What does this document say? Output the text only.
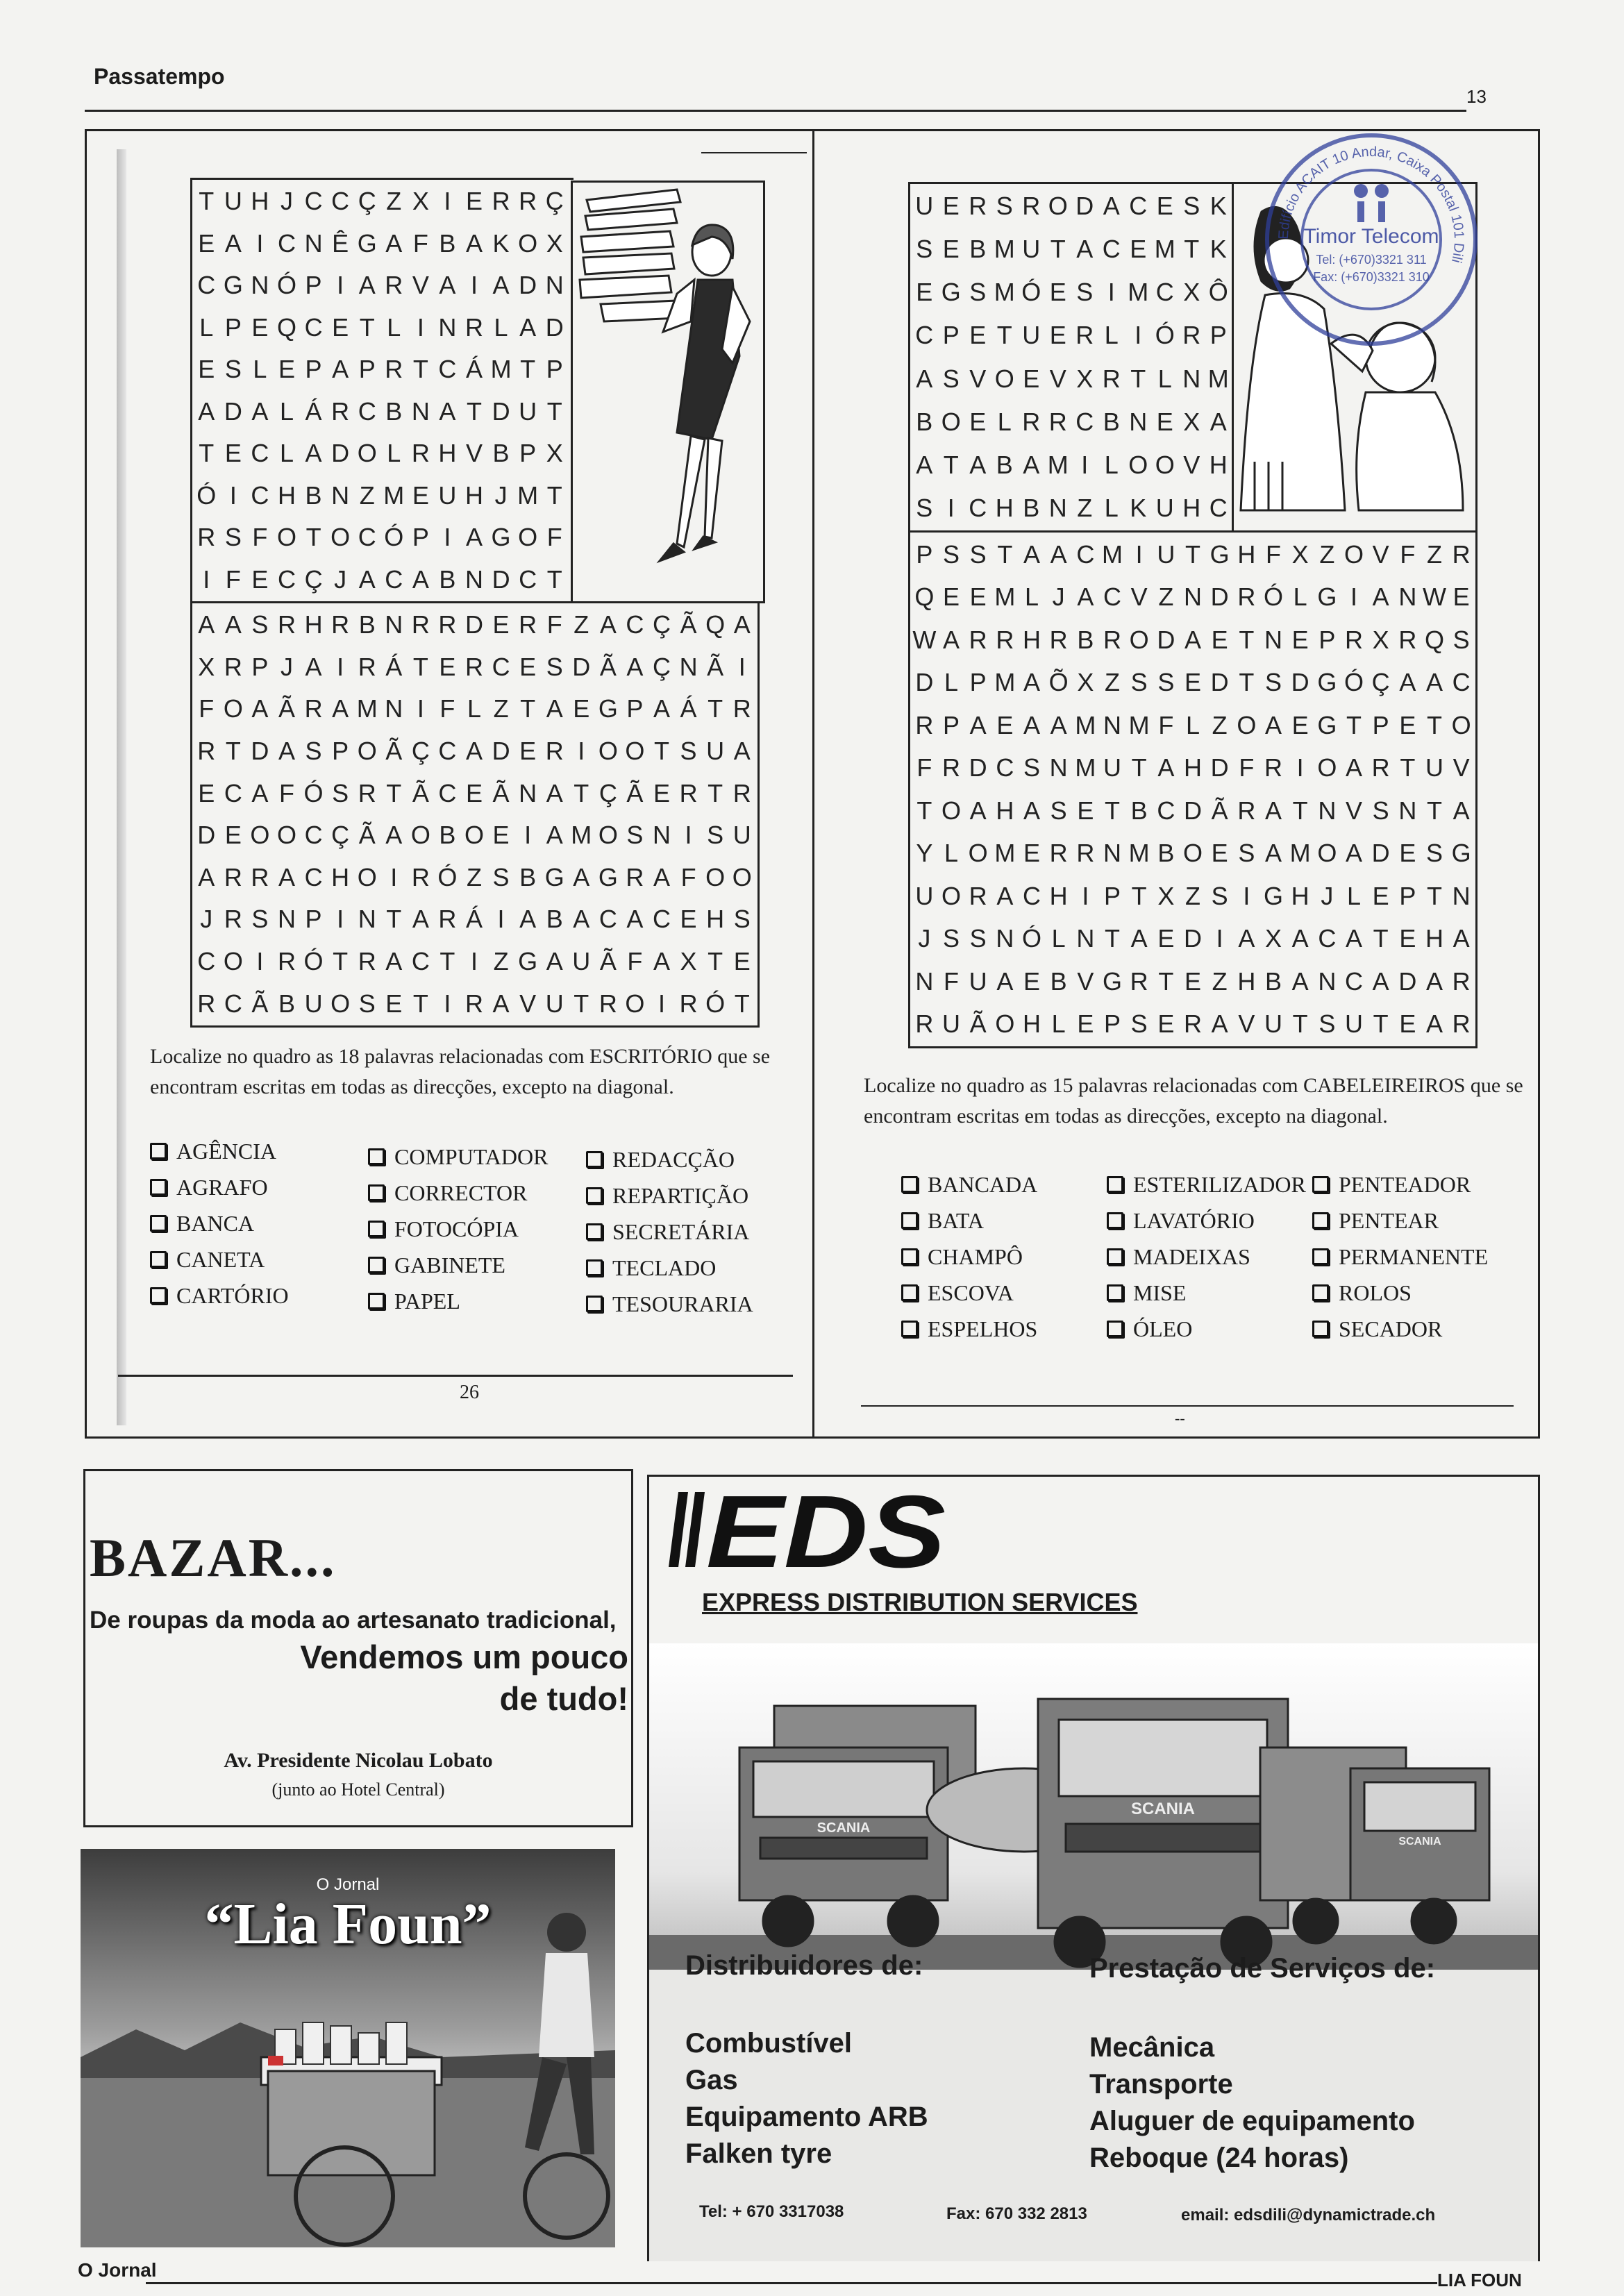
Passatempo
13
T U H J C C Ç Z X I E R R Ç
E A I C N Ê G A F B A K O X
C G N Ó P I A R V A I A D N
L P E Q C E T L I N R L A D
E S L E P A P R T C Á M T P
A D A L Á R C B N A T D U T
T E C L A D O L R H V B P X
Ó I C H B N Z M E U H J M T
R S F O T O C Ó P I A G O F
I F E C Ç J A C A B N D C T
A A S R H R B N R R D E R F Z A C Ç Ã Q A
X R P J A I R Á T E R C E S D Ã A Ç N Ã I
F O A Ã R A M N I F L Z T A E G P A Á T R
R T D A S P O Ã Ç C A D E R I O O T S U A
E C A F Ó S R T Ã C E Ã N A T Ç Ã E R T R
D E O O C Ç Ã A O B O E I A M O S N I S U
A R R A C H O I R Ó Z S B G A G R A F O O
J R S N P I N T A R Á I A B A C A C E H S
C O I R Ó T R A C T I Z G A U Ã F A X T E
R C Ã B U O S E T I R A V U T R O I R Ó T
Localize no quadro as 18 palavras relacionadas com ESCRITÓRIO que se encontram escritas em todas as direcções, excepto na diagonal.
AGÊNCIA
AGRAFO
BANCA
CANETA
CARTÓRIO
COMPUTADOR
CORRECTOR
FOTOCÓPIA
GABINETE
PAPEL
REDACÇÃO
REPARTIÇÃO
SECRETÁRIA
TECLADO
TESOURARIA
26
Edifício ACAIT 10 Andar, Caixa Postal 101 Dili
Timor Telecom
Tel: (+670)3321 311
Fax: (+670)3321 310
U E R S R O D A C E S K
S E B M U T A C E M T K
E G S M Ó E S I M C X Ô
C P E T U E R L I Ó R P
A S V O E V X R T L N M
B O E L R R C B N E X A
A T A B A M I L O O V H
S I C H B N Z L K U H C
P S S T A A C M I U T G H F X Z O V F Z R
Q E E M L J A C V Z N D R Ó L G I A N W E
W A R R H R B R O D A E T N E P R X R Q S
D L P M A Õ X Z S S E D T S D G Ó Ç A A C
R P A E A A M N M F L Z O A E G T P E T O
F R D C S N M U T A H D F R I O A R T U V
T O A H A S E T B C D Ã R A T N V S N T A
Y L O M E R R N M B O E S A M O A D E S G
U O R A C H I P T X Z S I G H J L E P T N
J S S N Ó L N T A E D I A X A C A T E H A
N F U A E B V G R T E Z H B A N C A D A R
R U Ã O H L E P S E R A V U T S U T E A R
Localize no quadro as 15 palavras relacionadas com CABELEIREIROS que se encontram escritas em todas as direcções, excepto na diagonal.
BANCADA
BATA
CHAMPÔ
ESCOVA
ESPELHOS
ESTERILIZADOR
LAVATÓRIO
MADEIXAS
MISE
ÓLEO
PENTEADOR
PENTEAR
PERMANENTE
ROLOS
SECADOR
--
BAZAR...
De roupas da moda ao artesanato tradicional,
Vendemos um pouco
de tudo!
Av. Presidente Nicolau Lobato
(junto ao Hotel Central)
O Jornal
“Lia Foun”
EDS
EXPRESS DISTRIBUTION SERVICES
SCANIA
SCANIA
SCANIA
Distribuidores de:	Prestação de Serviços de:
Combustível
Gas
Equipamento ARB
Falken tyre
Mecânica
Transporte
Aluguer de equipamento
Reboque (24 horas)
Tel: + 670 3317038	Fax: 670 332 2813	email: edsdili@dynamictrade.ch
O Jornal	LIA FOUN
